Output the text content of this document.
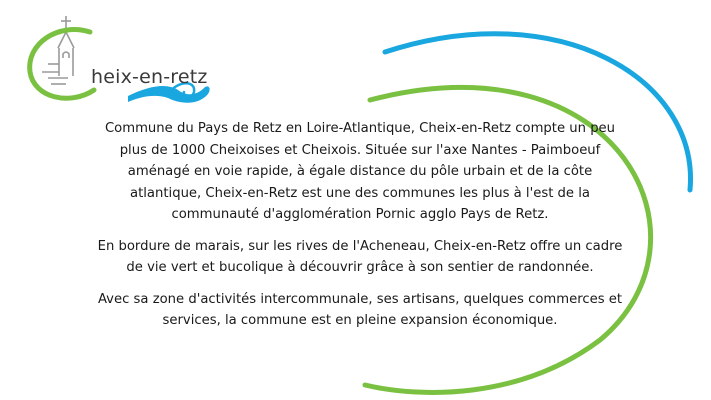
heix-en-retz

Commune du Pays de Retz en Loire-Atlantique, Cheix-en-Retz compte un peu plus de 1000 Cheixoises et Cheixois. Située sur l'axe Nantes - Paimboeuf aménagé en voie rapide, à égale distance du pôle urbain et de la côte atlantique, Cheix-en-Retz est une des communes les plus à l'est de la communauté d'agglomération Pornic agglo Pays de Retz.

En bordure de marais, sur les rives de l'Acheneau, Cheix-en-Retz offre un cadre de vie vert et bucolique à découvrir grâce à son sentier de randonnée.

Avec sa zone d'activités intercommunale, ses artisans, quelques commerces et services, la commune est en pleine expansion économique.
